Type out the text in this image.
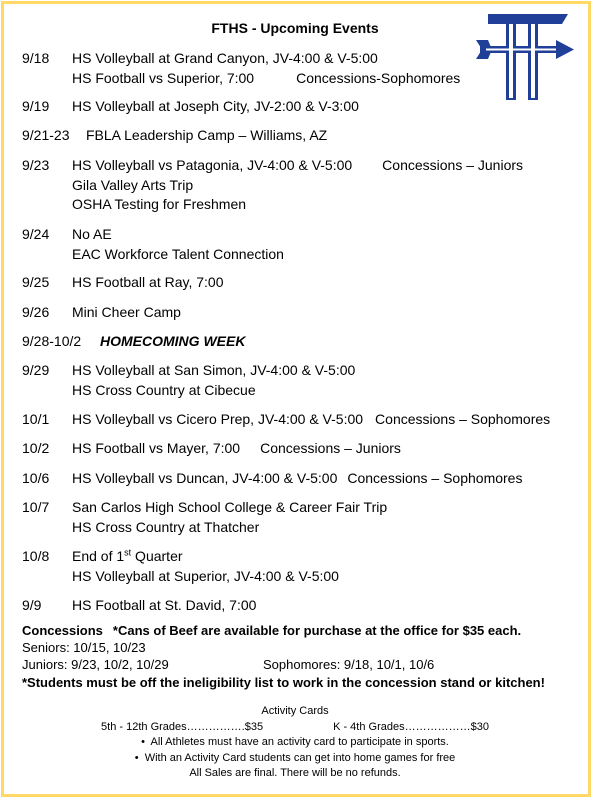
FTHS - Upcoming Events
9/18 HS Volleyball at Grand Canyon, JV-4:00 & V-5:00
HS Football vs Superior, 7:00	Concessions-Sophomores
9/19 HS Volleyball at Joseph City, JV-2:00 & V-3:00
9/21-23 FBLA Leadership Camp – Williams, AZ
9/23 HS Volleyball vs Patagonia, JV-4:00 & V-5:00 Concessions – Juniors
Gila Valley Arts Trip
OSHA Testing for Freshmen
9/24 No AE
EAC Workforce Talent Connection
9/25 HS Football at Ray, 7:00
9/26 Mini Cheer Camp
9/28-10/2 HOMECOMING WEEK
9/29 HS Volleyball at San Simon, JV-4:00 & V-5:00
HS Cross Country at Cibecue
10/1 HS Volleyball vs Cicero Prep, JV-4:00 & V-5:00 Concessions – Sophomores
10/2 HS Football vs Mayer, 7:00 Concessions – Juniors
10/6 HS Volleyball vs Duncan, JV-4:00 & V-5:00 Concessions – Sophomores
10/7 San Carlos High School College & Career Fair Trip
HS Cross Country at Thatcher
10/8 End of 1st Quarter
HS Volleyball at Superior, JV-4:00 & V-5:00
9/9 HS Football at St. David, 7:00
Concessions *Cans of Beef are available for purchase at the office for $35 each.
Seniors: 10/15, 10/23
Juniors: 9/23, 10/2, 10/29	Sophomores: 9/18, 10/1, 10/6
*Students must be off the ineligibility list to work in the concession stand or kitchen!
Activity Cards
5th - 12th Grades…………….$35	K - 4th Grades………………$30
• All Athletes must have an activity card to participate in sports.
• With an Activity Card students can get into home games for free
All Sales are final. There will be no refunds.
